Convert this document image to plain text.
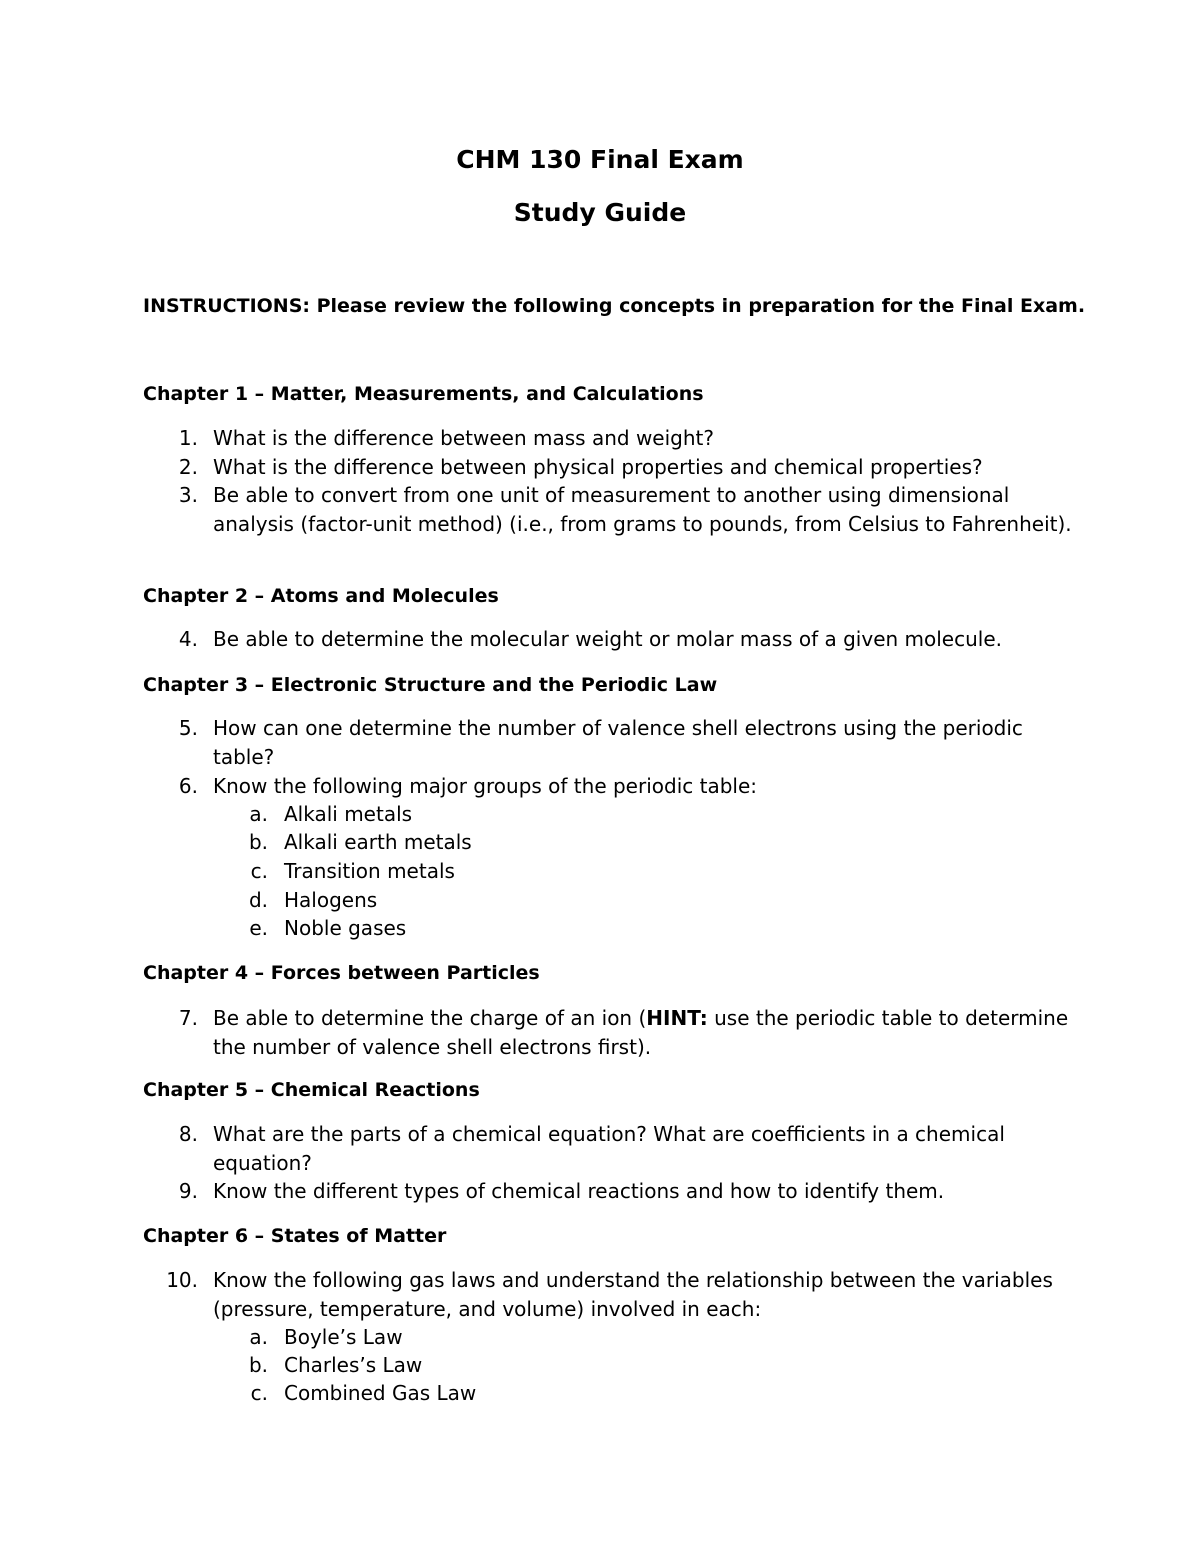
CHM 130 Final Exam
Study Guide

INSTRUCTIONS: Please review the following concepts in preparation for the Final Exam.

Chapter 1 – Matter, Measurements, and Calculations

1. What is the difference between mass and weight?
2. What is the difference between physical properties and chemical properties?
3. Be able to convert from one unit of measurement to another using dimensional analysis (factor-unit method) (i.e., from grams to pounds, from Celsius to Fahrenheit).

Chapter 2 – Atoms and Molecules

4. Be able to determine the molecular weight or molar mass of a given molecule.

Chapter 3 – Electronic Structure and the Periodic Law

5. How can one determine the number of valence shell electrons using the periodic table?
6. Know the following major groups of the periodic table:
a. Alkali metals
b. Alkali earth metals
c. Transition metals
d. Halogens
e. Noble gases

Chapter 4 – Forces between Particles

7. Be able to determine the charge of an ion (HINT: use the periodic table to determine the number of valence shell electrons first).

Chapter 5 – Chemical Reactions

8. What are the parts of a chemical equation? What are coefficients in a chemical equation?
9. Know the different types of chemical reactions and how to identify them.

Chapter 6 – States of Matter

10. Know the following gas laws and understand the relationship between the variables (pressure, temperature, and volume) involved in each:
a. Boyle’s Law
b. Charles’s Law
c. Combined Gas Law
